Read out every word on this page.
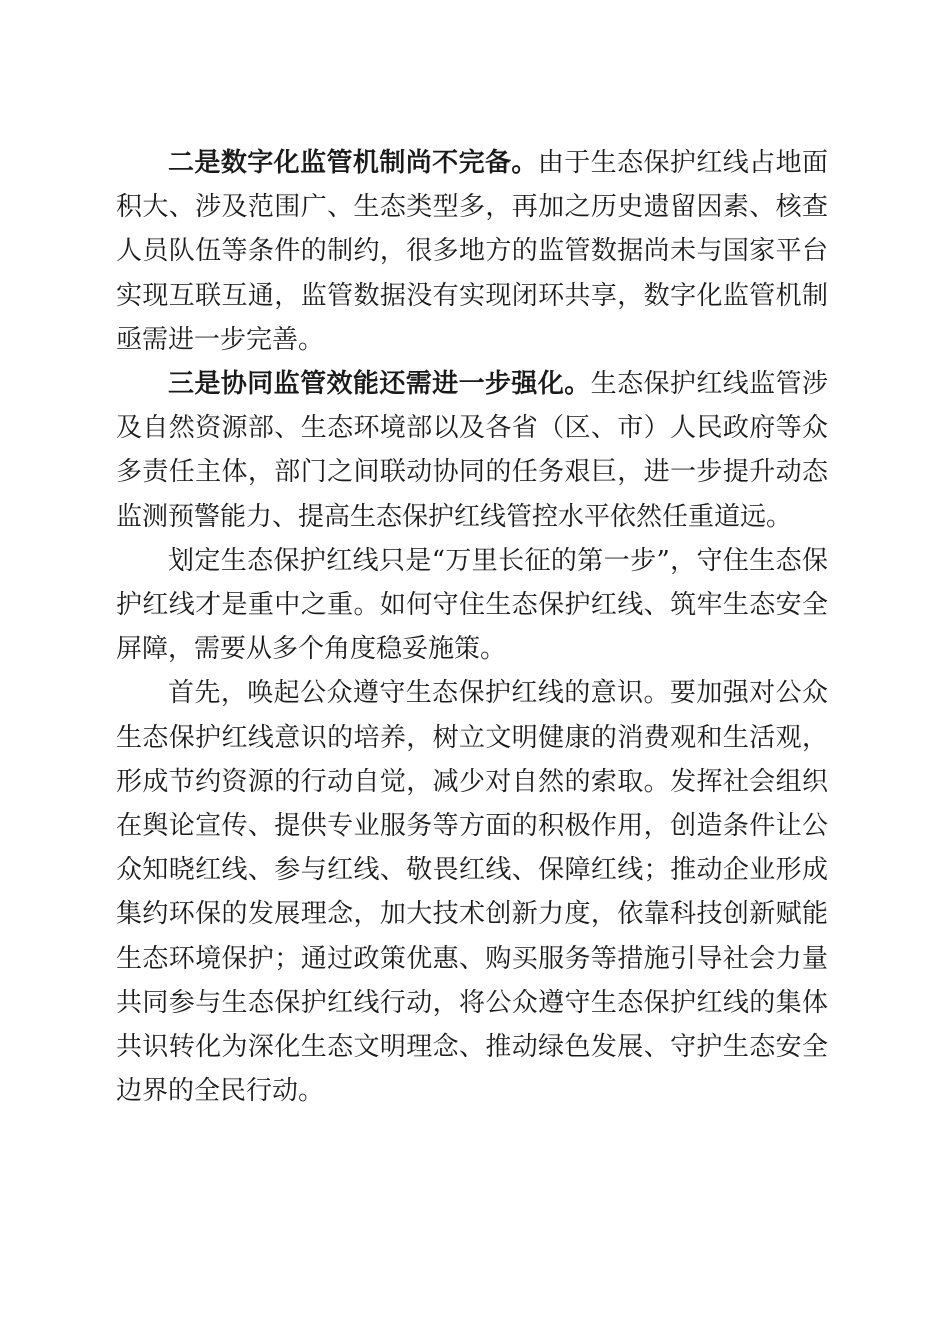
二是数字化监管机制尚不完备。由于生态保护红线占地面积大、涉及范围广、生态类型多，再加之历史遗留因素、核查人员队伍等条件的制约，很多地方的监管数据尚未与国家平台实现互联互通，监管数据没有实现闭环共享，数字化监管机制亟需进一步完善。

三是协同监管效能还需进一步强化。生态保护红线监管涉及自然资源部、生态环境部以及各省（区、市）人民政府等众多责任主体，部门之间联动协同的任务艰巨，进一步提升动态监测预警能力、提高生态保护红线管控水平依然任重道远。

划定生态保护红线只是“万里长征的第一步”，守住生态保护红线才是重中之重。如何守住生态保护红线、筑牢生态安全屏障，需要从多个角度稳妥施策。

首先，唤起公众遵守生态保护红线的意识。要加强对公众生态保护红线意识的培养，树立文明健康的消费观和生活观，形成节约资源的行动自觉，减少对自然的索取。发挥社会组织在舆论宣传、提供专业服务等方面的积极作用，创造条件让公众知晓红线、参与红线、敬畏红线、保障红线；推动企业形成集约环保的发展理念，加大技术创新力度，依靠科技创新赋能生态环境保护；通过政策优惠、购买服务等措施引导社会力量共同参与生态保护红线行动，将公众遵守生态保护红线的集体共识转化为深化生态文明理念、推动绿色发展、守护生态安全边界的全民行动。
